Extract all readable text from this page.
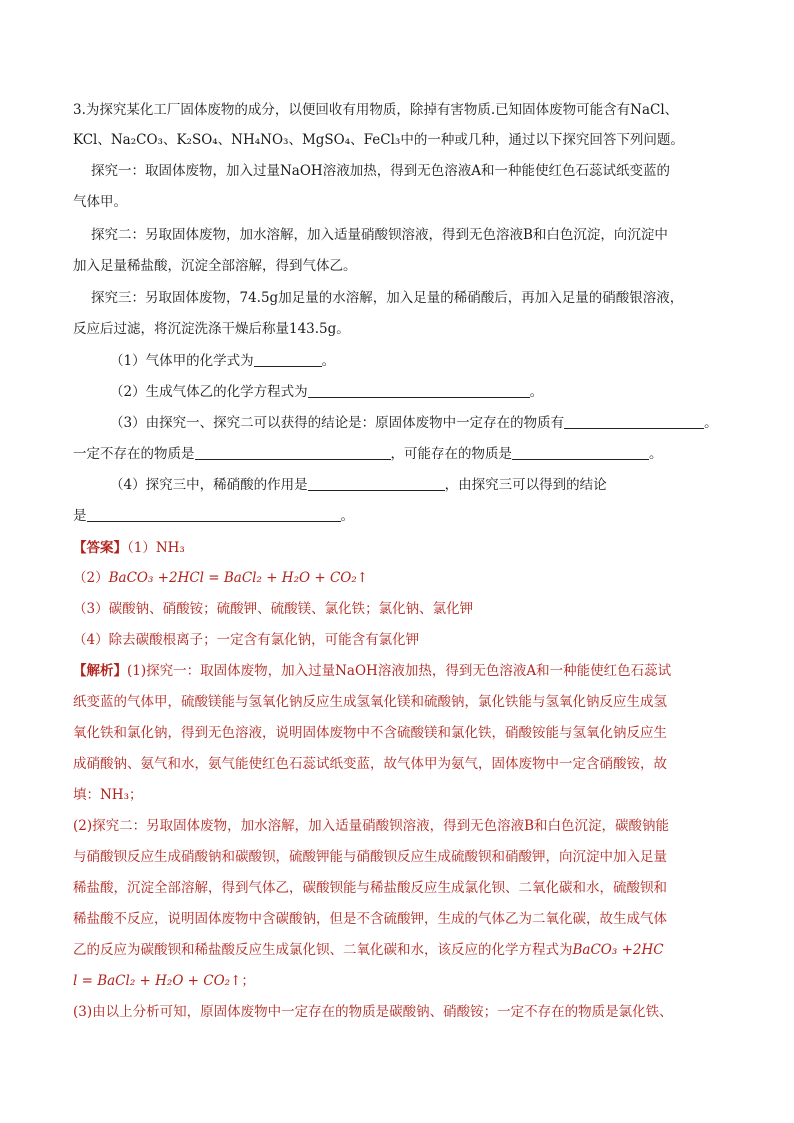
3.为探究某化工厂固体废物的成分，以便回收有用物质，除掉有害物质.已知固体废物可能含有NaCl、
KCl、Na₂CO₃、K₂SO₄、NH₄NO₃、MgSO₄、FeCl₃中的一种或几种，通过以下探究回答下列问题。
探究一：取固体废物，加入过量NaOH溶液加热，得到无色溶液A和一种能使红色石蕊试纸变蓝的
气体甲。
探究二：另取固体废物，加水溶解，加入适量硝酸钡溶液，得到无色溶液B和白色沉淀，向沉淀中
加入足量稀盐酸，沉淀全部溶解，得到气体乙。
探究三：另取固体废物，74.5g加足量的水溶解，加入足量的稀硝酸后，再加入足量的硝酸银溶液，
反应后过滤，将沉淀洗涤干燥后称量143.5g。
（1）气体甲的化学式为	。
（2）生成气体乙的化学方程式为	。
（3）由探究一、探究二可以获得的结论是：原固体废物中一定存在的物质有	。
一定不存在的物质是	，可能存在的物质是	。
（4）探究三中，稀硝酸的作用是	，由探究三可以得到的结论
是	。
【答案】（1）NH₃
（2）BaCO₃ +2HCl = BaCl₂ + H₂O + CO₂↑
（3）碳酸钠、硝酸铵；硫酸钾、硫酸镁、氯化铁；氯化钠、氯化钾
（4）除去碳酸根离子；一定含有氯化钠，可能含有氯化钾
【解析】(1)探究一：取固体废物，加入过量NaOH溶液加热，得到无色溶液A和一种能使红色石蕊试
纸变蓝的气体甲，硫酸镁能与氢氧化钠反应生成氢氧化镁和硫酸钠，氯化铁能与氢氧化钠反应生成氢
氧化铁和氯化钠，得到无色溶液，说明固体废物中不含硫酸镁和氯化铁，硝酸铵能与氢氧化钠反应生
成硝酸钠、氨气和水，氨气能使红色石蕊试纸变蓝，故气体甲为氨气，固体废物中一定含硝酸铵，故
填：NH₃；
(2)探究二：另取固体废物，加水溶解，加入适量硝酸钡溶液，得到无色溶液B和白色沉淀，碳酸钠能
与硝酸钡反应生成硝酸钠和碳酸钡，硫酸钾能与硝酸钡反应生成硫酸钡和硝酸钾，向沉淀中加入足量
稀盐酸，沉淀全部溶解，得到气体乙，碳酸钡能与稀盐酸反应生成氯化钡、二氧化碳和水，硫酸钡和
稀盐酸不反应，说明固体废物中含碳酸钠，但是不含硫酸钾，生成的气体乙为二氧化碳，故生成气体
乙的反应为碳酸钡和稀盐酸反应生成氯化钡、二氧化碳和水，该反应的化学方程式为BaCO₃ +2HC
l = BaCl₂ + H₂O + CO₂↑；
(3)由以上分析可知，原固体废物中一定存在的物质是碳酸钠、硝酸铵；一定不存在的物质是氯化铁、
